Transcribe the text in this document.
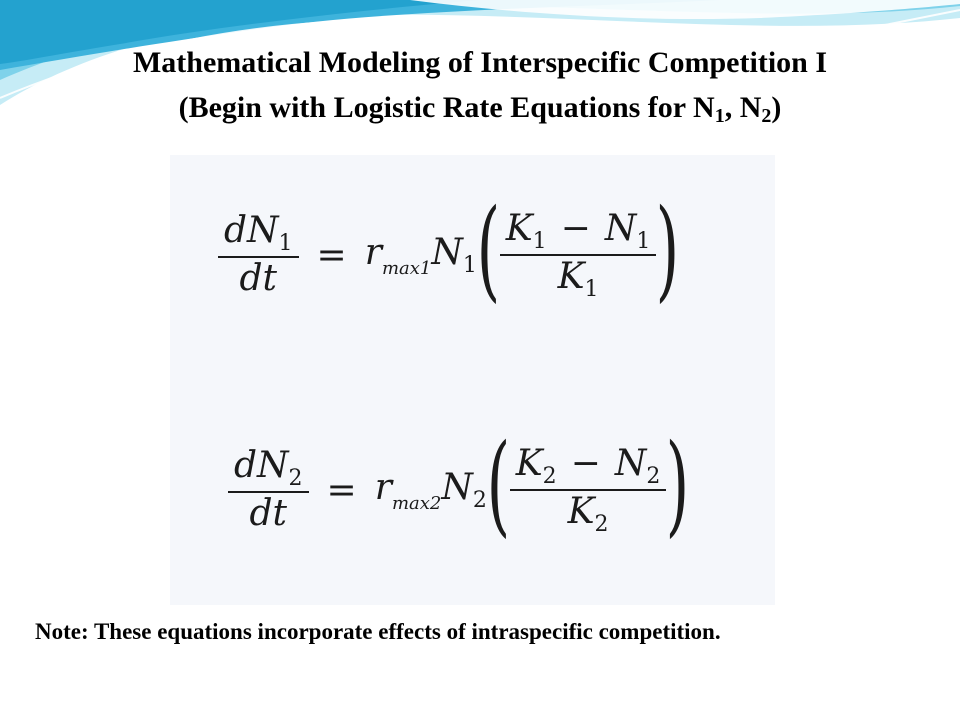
Mathematical Modeling of Interspecific Competition I
(Begin with Logistic Rate Equations for $N_1$, $N_2$)
$\frac{dN_1}{dt} = r_{max1}N_1$ ( $\frac{K_1 - N_1}{K_1}$ )
$\frac{dN_2}{dt} = r_{max2}N_2$ ( $\frac{K_2 - N_2}{K_2}$ )
Note: These equations incorporate effects of intraspecific competition.
